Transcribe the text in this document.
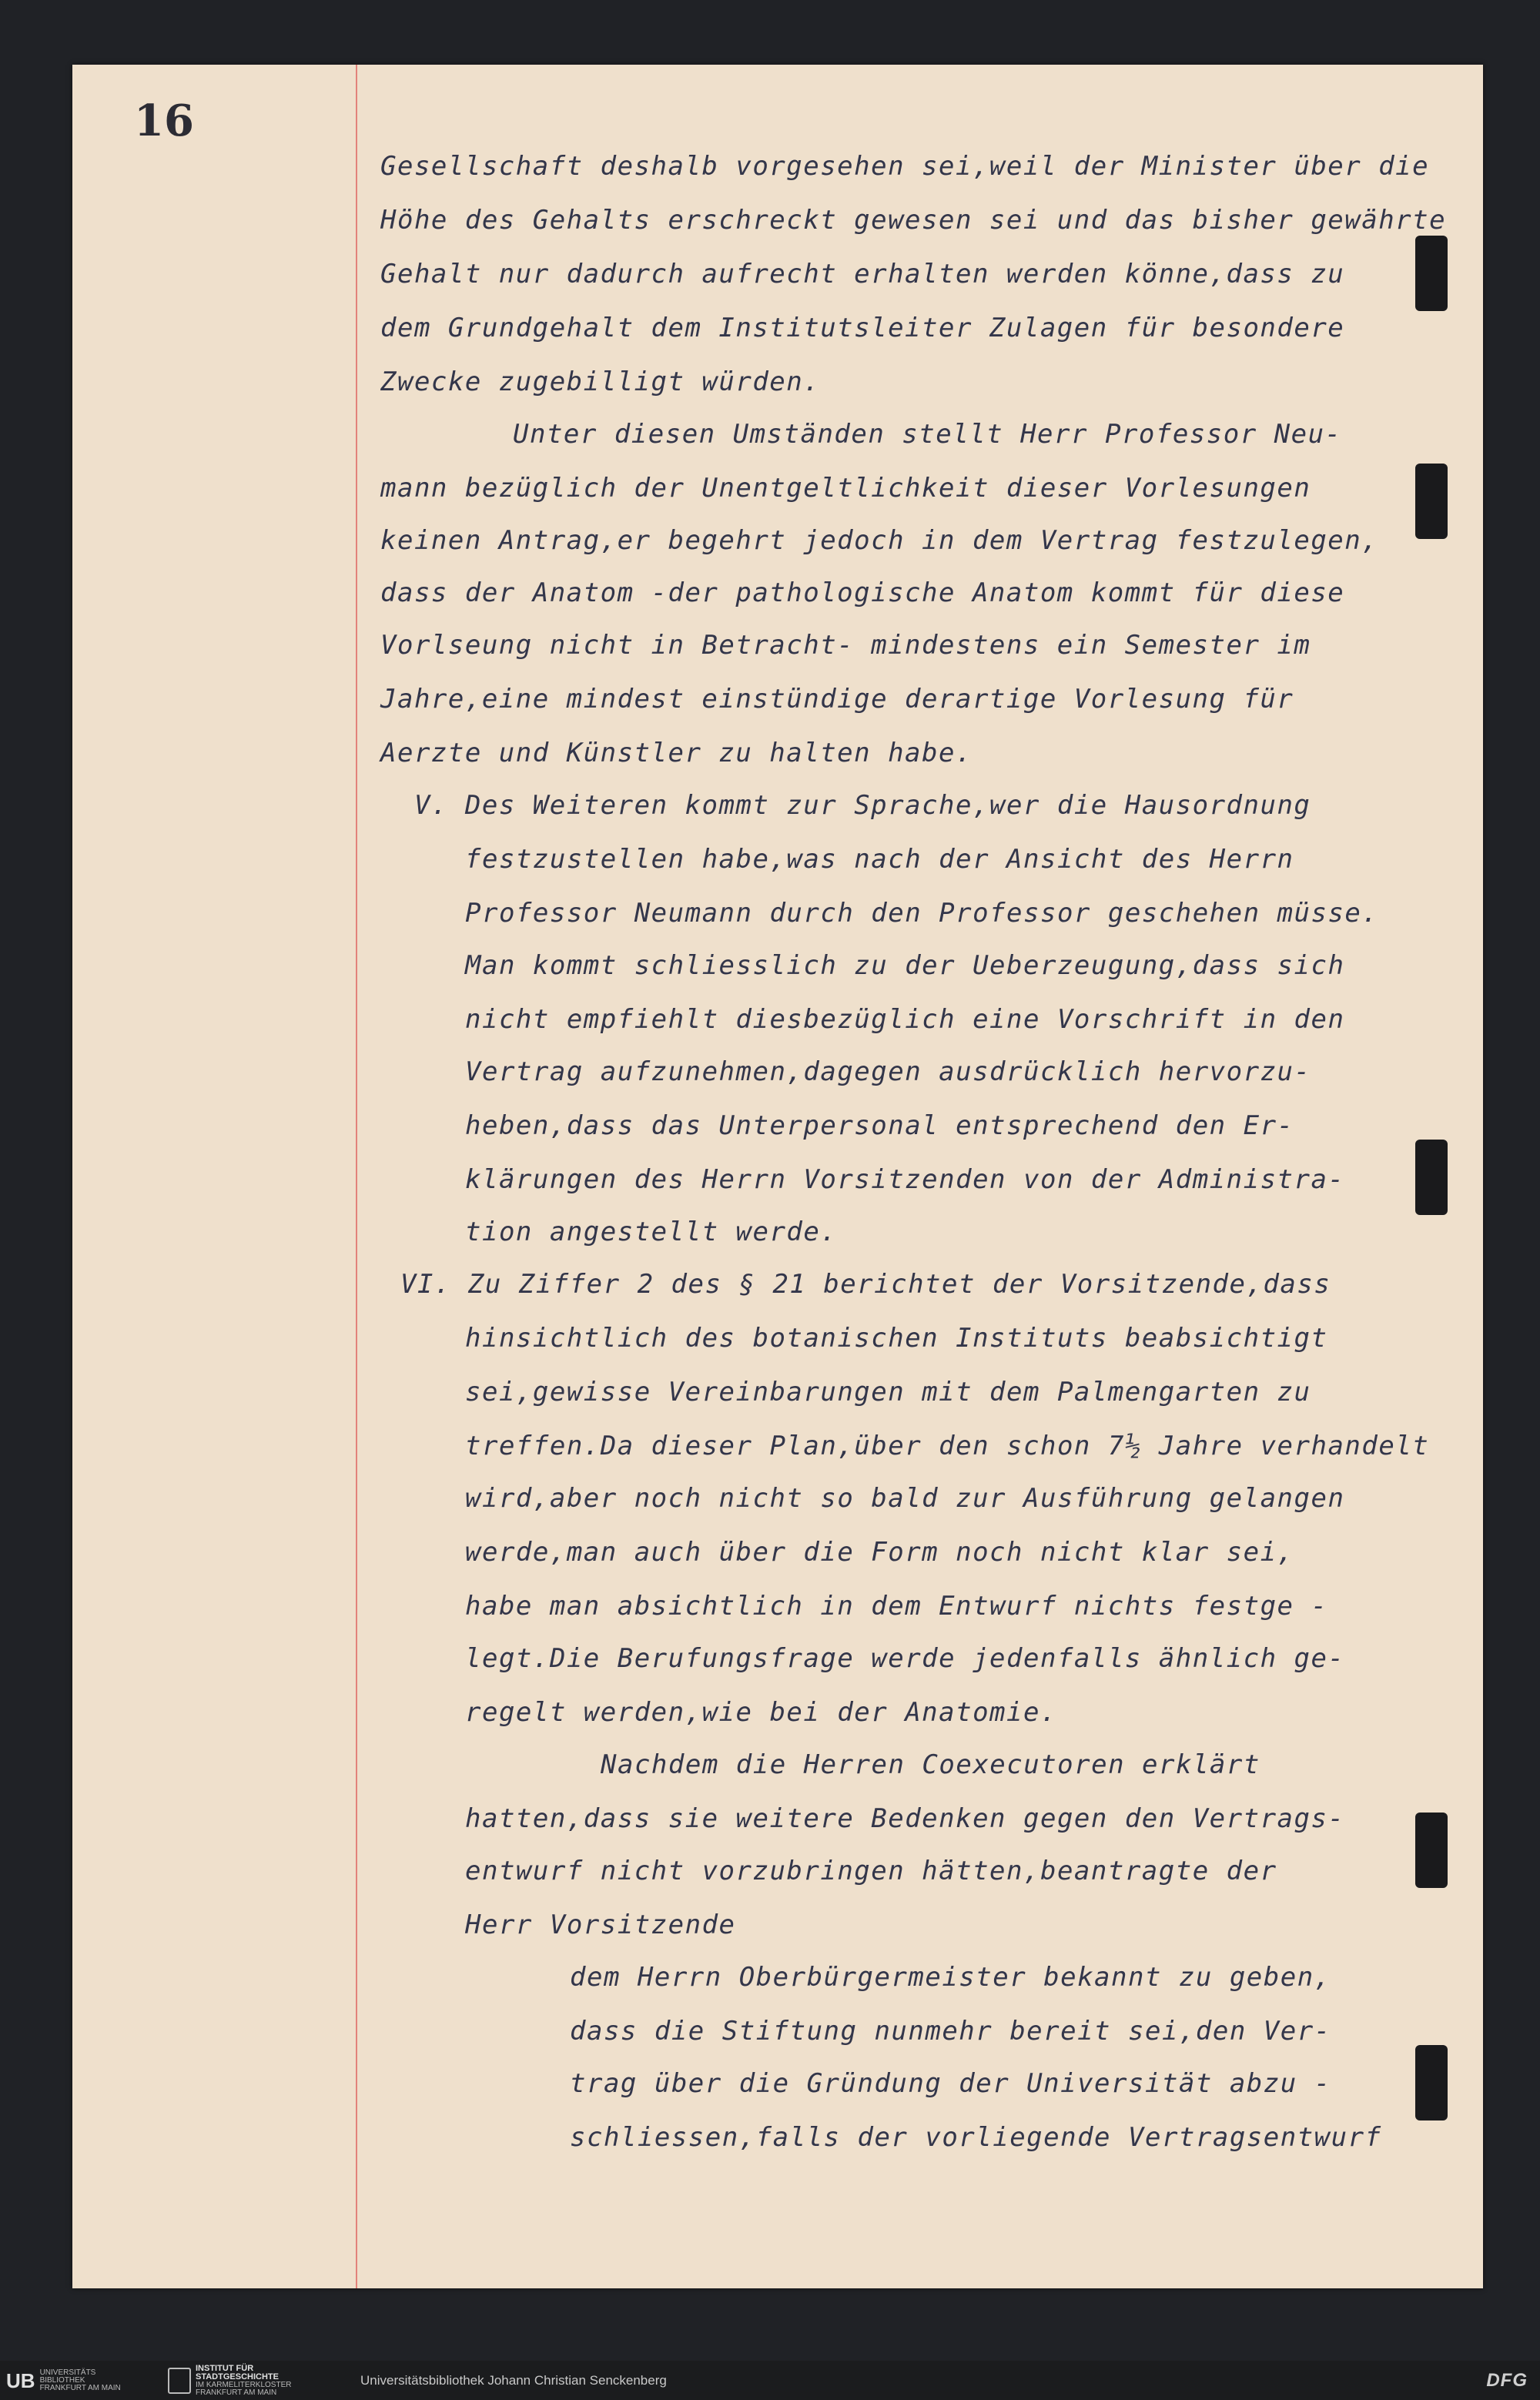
16
Gesellschaft deshalb vorgesehen sei,weil der Minister über die
Höhe des Gehalts erschreckt gewesen sei und das bisher gewährte
Gehalt nur dadurch aufrecht erhalten werden könne,dass zu
dem Grundgehalt dem Institutsleiter Zulagen für besondere
Zwecke zugebilligt würden.
Unter diesen Umständen stellt Herr Professor Neu-
mann bezüglich der Unentgeltlichkeit dieser Vorlesungen
keinen Antrag,er begehrt jedoch in dem Vertrag festzulegen,
dass der Anatom -der pathologische Anatom kommt für diese
Vorlseung nicht in Betracht- mindestens ein Semester im
Jahre,eine mindest einstündige derartige Vorlesung für
Aerzte und Künstler zu halten habe.
V. Des Weiteren kommt zur Sprache,wer die Hausordnung
festzustellen habe,was nach der Ansicht des Herrn
Professor Neumann durch den Professor geschehen müsse.
Man kommt schliesslich zu der Ueberzeugung,dass sich
nicht empfiehlt diesbezüglich eine Vorschrift in den
Vertrag aufzunehmen,dagegen ausdrücklich hervorzu-
heben,dass das Unterpersonal entsprechend den Er-
klärungen des Herrn Vorsitzenden von der Administra-
tion angestellt werde.
VI. Zu Ziffer 2 des § 21 berichtet der Vorsitzende,dass
hinsichtlich des botanischen Instituts beabsichtigt
sei,gewisse Vereinbarungen mit dem Palmengarten zu
treffen.Da dieser Plan,über den schon 7½ Jahre verhandelt
wird,aber noch nicht so bald zur Ausführung gelangen
werde,man auch über die Form noch nicht klar sei,
habe man absichtlich in dem Entwurf nichts festge -
legt.Die Berufungsfrage werde jedenfalls ähnlich ge-
regelt werden,wie bei der Anatomie.
Nachdem die Herren Coexecutoren erklärt
hatten,dass sie weitere Bedenken gegen den Vertrags-
entwurf nicht vorzubringen hätten,beantragte der
Herr Vorsitzende
dem Herrn Oberbürgermeister bekannt zu geben,
dass die Stiftung nunmehr bereit sei,den Ver-
trag über die Gründung der Universität abzu -
schliessen,falls der vorliegende Vertragsentwurf
UB UNIVERSITÄTS
BIBLIOTHEK
FRANKFURT AM MAIN
INSTITUT FÜR
STADTGESCHICHTE
IM KARMELITERKLOSTER
FRANKFURT AM MAIN
Universitätsbibliothek Johann Christian Senckenberg	DFG
